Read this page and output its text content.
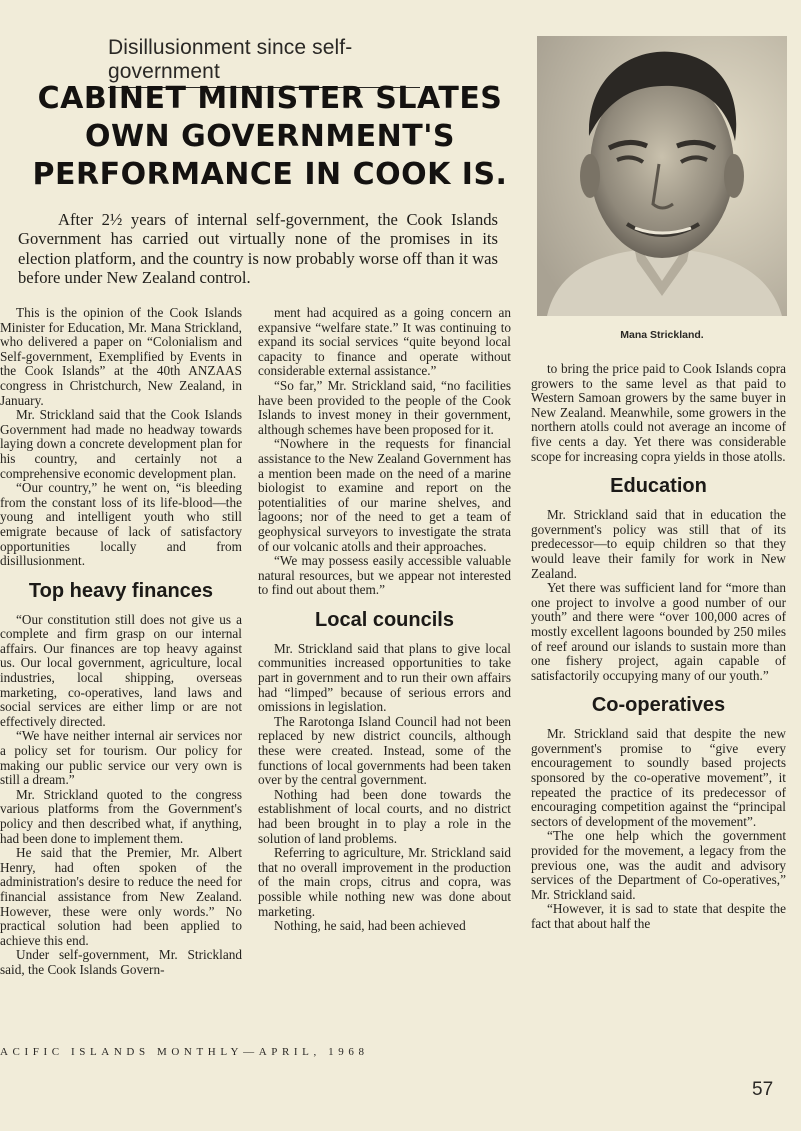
Disillusionment since self-government
CABINET MINISTER SLATES
OWN GOVERNMENT'S
PERFORMANCE IN COOK IS.

After 2½ years of internal self-government, the Cook Islands Government has carried out virtually none of the promises in its election platform, and the country is now probably worse off than it was before under New Zealand control.

Mana Strickland.

This is the opinion of the Cook Islands Minister for Education, Mr. Mana Strickland, who delivered a paper on “Colonialism and Self-government, Exemplified by Events in the Cook Islands” at the 40th ANZAAS congress in Christchurch, New Zealand, in January.

Mr. Strickland said that the Cook Islands Government had made no headway towards laying down a concrete development plan for his country, and certainly not a comprehensive economic development plan.

“Our country,” he went on, “is bleeding from the constant loss of its life-blood—the young and intelligent youth who still emigrate because of lack of satisfactory opportunities locally and from disillusionment.

Top heavy finances

“Our constitution still does not give us a complete and firm grasp on our internal affairs. Our finances are top heavy against us. Our local government, agriculture, local industries, local shipping, overseas marketing, co-operatives, land laws and social services are either limp or are not effectively directed.

“We have neither internal air services nor a policy set for tourism. Our policy for making our public service our very own is still a dream.”

Mr. Strickland quoted to the congress various platforms from the Government's policy and then described what, if anything, had been done to implement them.

He said that the Premier, Mr. Albert Henry, had often spoken of the administration's desire to reduce the need for financial assistance from New Zealand. However, these were only words.” No practical solution had been applied to achieve this end.

Under self-government, Mr. Strickland said, the Cook Islands Govern-

ment had acquired as a going concern an expansive “welfare state.” It was continuing to expand its social services “quite beyond local capacity to finance and operate without considerable external assistance.”

“So far,” Mr. Strickland said, “no facilities have been provided to the people of the Cook Islands to invest money in their government, although schemes have been proposed for it.

“Nowhere in the requests for financial assistance to the New Zealand Government has a mention been made on the need of a marine biologist to examine and report on the potentialities of our marine shelves, and lagoons; nor of the need to get a team of geophysical surveyors to investigate the strata of our volcanic atolls and their approaches.

“We may possess easily accessible valuable natural resources, but we appear not interested to find out about them.”

Local councils

Mr. Strickland said that plans to give local communities increased opportunities to take part in government and to run their own affairs had “limped” because of serious errors and omissions in legislation.

The Rarotonga Island Council had not been replaced by new district councils, although these were created. Instead, some of the functions of local governments had been taken over by the central government.

Nothing had been done towards the establishment of local courts, and no district had been brought in to play a role in the solution of land problems.

Referring to agriculture, Mr. Strickland said that no overall improvement in the production of the main crops, citrus and copra, was possible while nothing new was done about marketing.

Nothing, he said, had been achieved

to bring the price paid to Cook Islands copra growers to the same level as that paid to Western Samoan growers by the same buyer in New Zealand. Meanwhile, some growers in the northern atolls could not average an income of five cents a day. Yet there was considerable scope for increasing copra yields in those atolls.

Education

Mr. Strickland said that in education the government's policy was still that of its predecessor—to equip children so that they would leave their family for work in New Zealand.

Yet there was sufficient land for “more than one project to involve a good number of our youth” and there were “over 100,000 acres of mostly excellent lagoons bounded by 250 miles of reef around our islands to sustain more than one fishery project, again capable of satisfactorily occupying many of our youth.”

Co-operatives

Mr. Strickland said that despite the new government's promise to “give every encouragement to soundly based projects sponsored by the co-operative movement”, it repeated the practice of its predecessor of encouraging competition against the “principal sectors of development of the movement”.

“The one help which the government provided for the movement, a legacy from the previous one, was the audit and advisory services of the Department of Co-operatives,” Mr. Strickland said.

“However, it is sad to state that despite the fact that about half the

ACIFIC ISLANDS MONTHLY—APRIL, 1968
57
